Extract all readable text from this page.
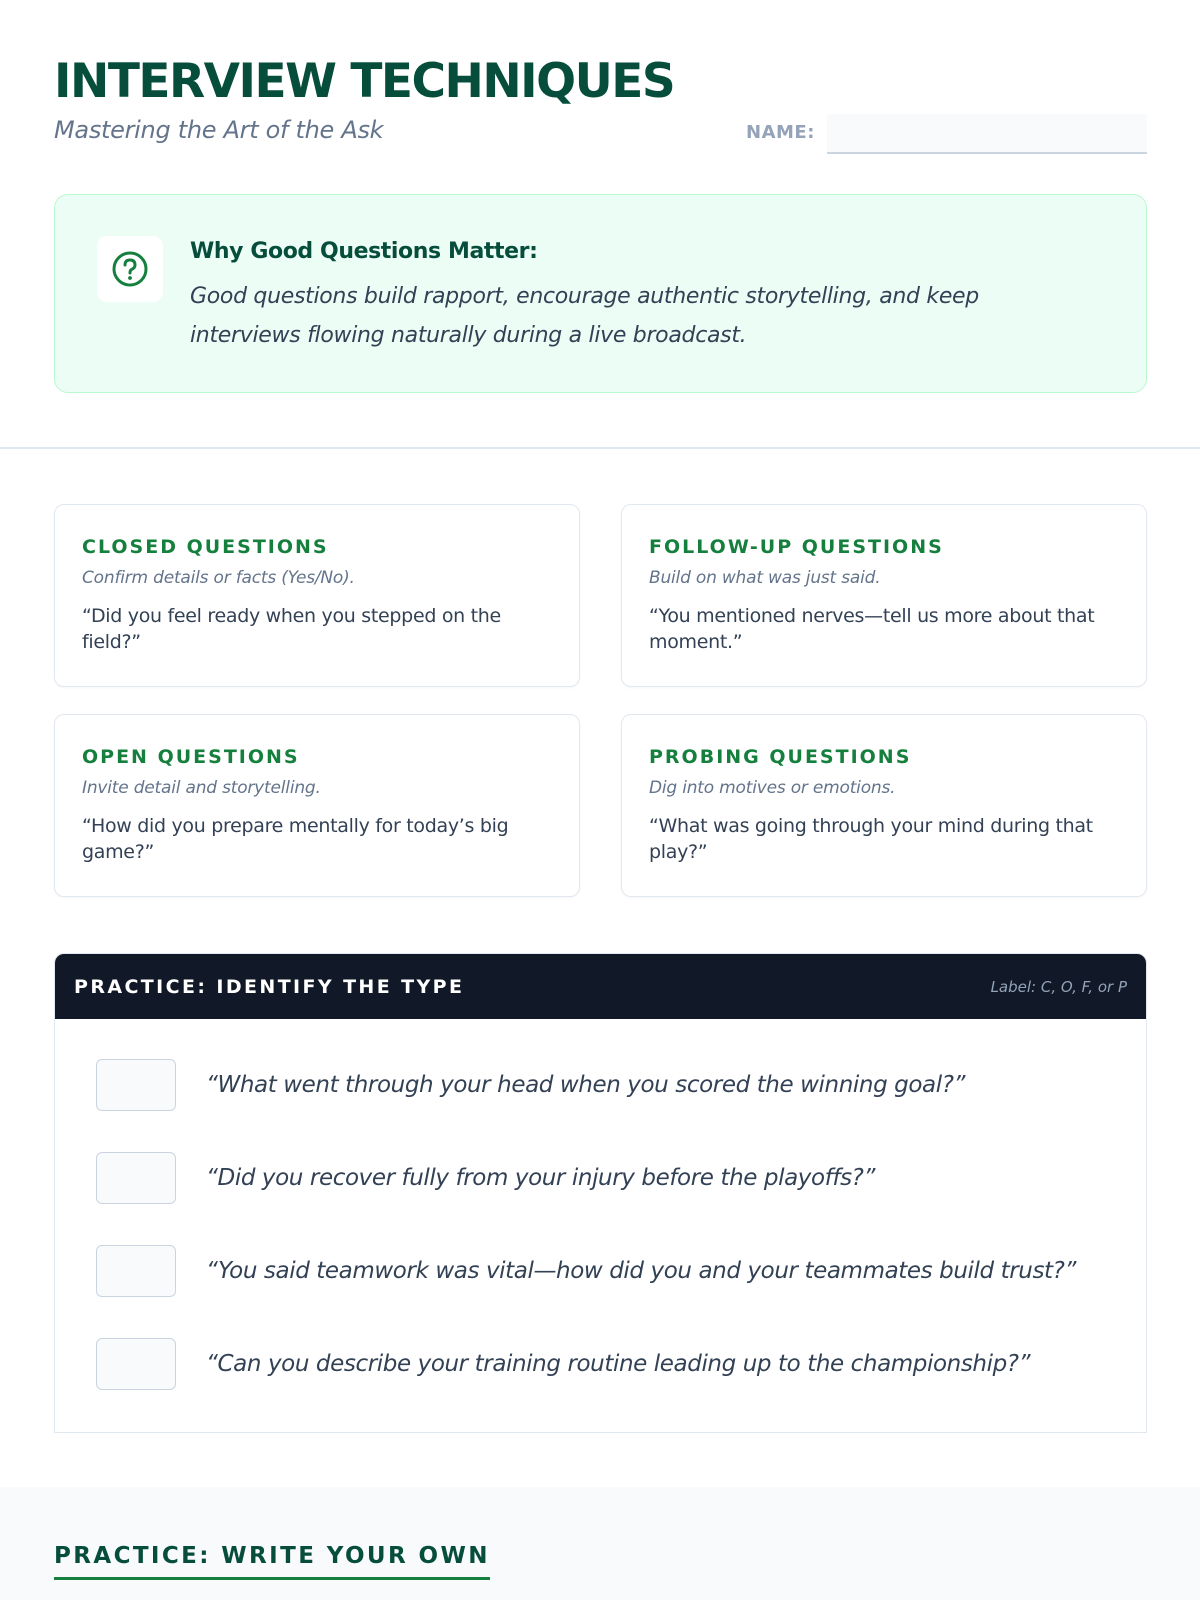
INTERVIEW TECHNIQUES
Mastering the Art of the Ask	NAME:
Why Good Questions Matter:
Good questions build rapport, encourage authentic storytelling, and keep interviews flowing naturally during a live broadcast.
CLOSED QUESTIONS
Confirm details or facts (Yes/No).
“Did you feel ready when you stepped on the field?”
FOLLOW-UP QUESTIONS
Build on what was just said.
“You mentioned nerves—tell us more about that moment.”
OPEN QUESTIONS
Invite detail and storytelling.
“How did you prepare mentally for today’s big game?”
PROBING QUESTIONS
Dig into motives or emotions.
“What was going through your mind during that play?”
PRACTICE: IDENTIFY THE TYPE	Label: C, O, F, or P
“What went through your head when you scored the winning goal?”
“Did you recover fully from your injury before the playoffs?”
“You said teamwork was vital—how did you and your teammates build trust?”
“Can you describe your training routine leading up to the championship?”
PRACTICE: WRITE YOUR OWN
